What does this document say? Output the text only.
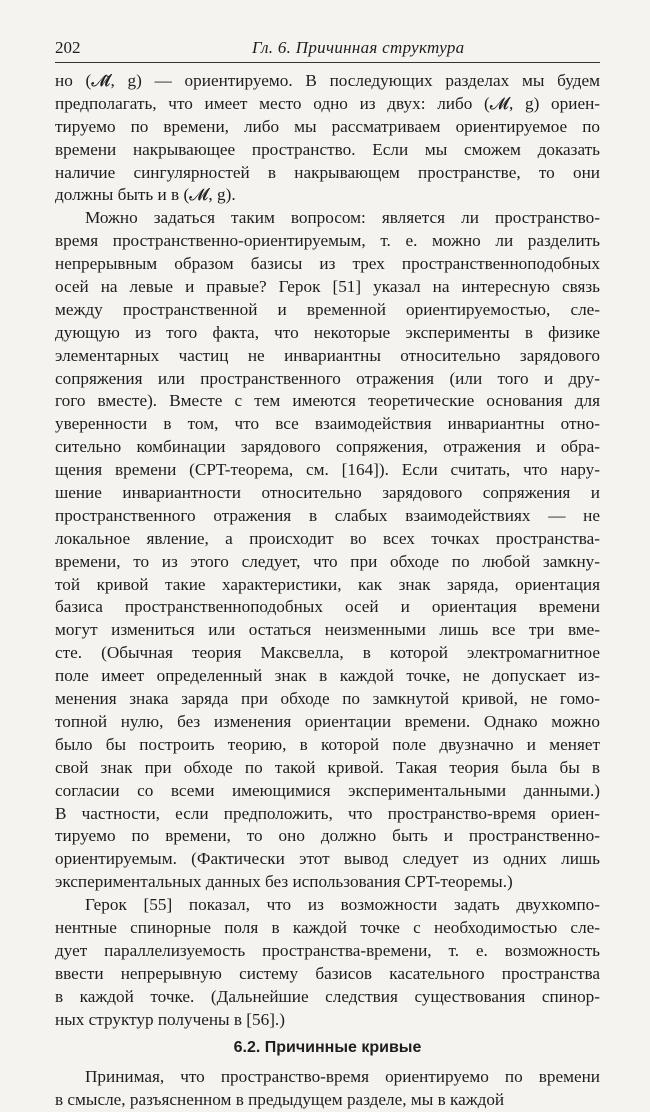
202	Гл. 6. Причинная структура
но (𝓜̃, g) — ориентируемо. В последующих разделах мы будем
предполагать, что имеет место одно из двух: либо (𝓜, g) ориен-
тируемо по времени, либо мы рассматриваем ориентируемое по
времени накрывающее пространство. Если мы сможем доказать
наличие сингулярностей в накрывающем пространстве, то они
должны быть и в (𝓜, g).
Можно задаться таким вопросом: является ли пространство-
время пространственно-ориентируемым, т. е. можно ли разделить
непрерывным образом базисы из трех пространственноподобных
осей на левые и правые? Герок [51] указал на интересную связь
между пространственной и временной ориентируемостью, сле-
дующую из того факта, что некоторые эксперименты в физике
элементарных частиц не инвариантны относительно зарядового
сопряжения или пространственного отражения (или того и дру-
гого вместе). Вместе с тем имеются теоретические основания для
уверенности в том, что все взаимодействия инвариантны отно-
сительно комбинации зарядового сопряжения, отражения и обра-
щения времени (CPT-теорема, см. [164]). Если считать, что нару-
шение инвариантности относительно зарядового сопряжения и
пространственного отражения в слабых взаимодействиях — не
локальное явление, а происходит во всех точках пространства-
времени, то из этого следует, что при обходе по любой замкну-
той кривой такие характеристики, как знак заряда, ориентация
базиса пространственноподобных осей и ориентация времени
могут измениться или остаться неизменными лишь все три вме-
сте. (Обычная теория Максвелла, в которой электромагнитное
поле имеет определенный знак в каждой точке, не допускает из-
менения знака заряда при обходе по замкнутой кривой, не гомо-
топной нулю, без изменения ориентации времени. Однако можно
было бы построить теорию, в которой поле двузначно и меняет
свой знак при обходе по такой кривой. Такая теория была бы в
согласии со всеми имеющимися экспериментальными данными.)
В частности, если предположить, что пространство-время ориен-
тируемо по времени, то оно должно быть и пространственно-
ориентируемым. (Фактически этот вывод следует из одних лишь
экспериментальных данных без использования CPT-теоремы.)
Герок [55] показал, что из возможности задать двухкомпо-
нентные спинорные поля в каждой точке с необходимостью сле-
дует параллелизуемость пространства-времени, т. е. возможность
ввести непрерывную систему базисов касательного пространства
в каждой точке. (Дальнейшие следствия существования спинор-
ных структур получены в [56].)
6.2. Причинные кривые
Принимая, что пространство-время ориентируемо по времени
в смысле, разъясненном в предыдущем разделе, мы в каждой
